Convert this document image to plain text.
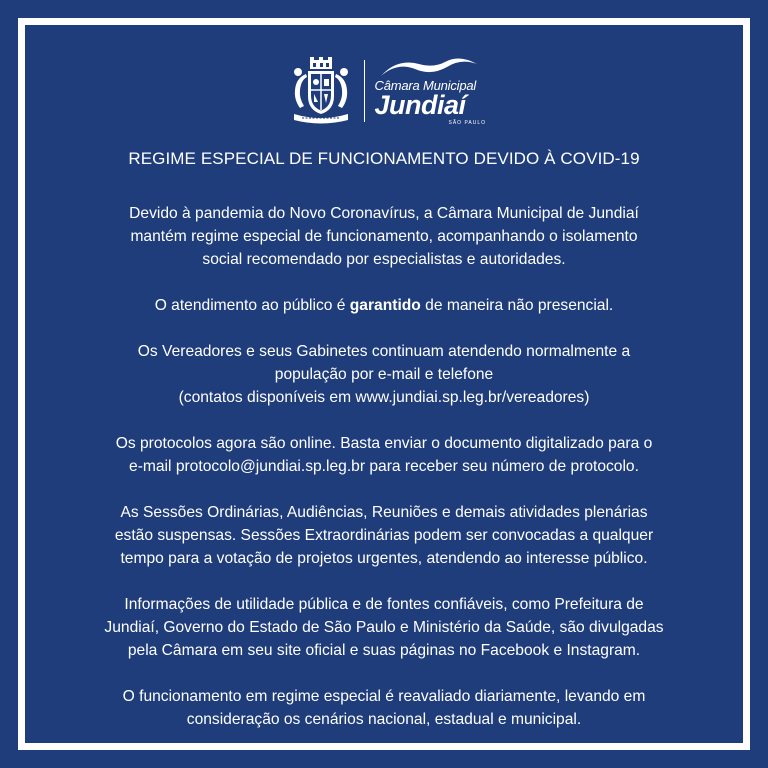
Câmara Municipal
Jundiaí
SÃO PAULO
REGIME ESPECIAL DE FUNCIONAMENTO DEVIDO À COVID-19
Devido à pandemia do Novo Coronavírus, a Câmara Municipal de Jundiaí
mantém regime especial de funcionamento, acompanhando o isolamento
social recomendado por especialistas e autoridades.
O atendimento ao público é garantido de maneira não presencial.
Os Vereadores e seus Gabinetes continuam atendendo normalmente a
população por e-mail e telefone
(contatos disponíveis em www.jundiai.sp.leg.br/vereadores)
Os protocolos agora são online. Basta enviar o documento digitalizado para o
e-mail protocolo@jundiai.sp.leg.br para receber seu número de protocolo.
As Sessões Ordinárias, Audiências, Reuniões e demais atividades plenárias
estão suspensas. Sessões Extraordinárias podem ser convocadas a qualquer
tempo para a votação de projetos urgentes, atendendo ao interesse público.
Informações de utilidade pública e de fontes confiáveis, como Prefeitura de
Jundiaí, Governo do Estado de São Paulo e Ministério da Saúde, são divulgadas
pela Câmara em seu site oficial e suas páginas no Facebook e Instagram.
O funcionamento em regime especial é reavaliado diariamente, levando em
consideração os cenários nacional, estadual e municipal.
